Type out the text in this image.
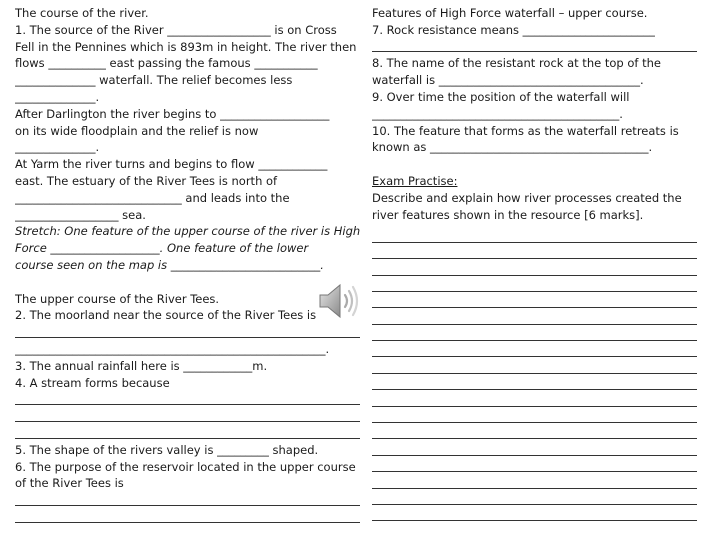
The course of the river.
1. The source of the River __________________ is on Cross
Fell in the Pennines which is 893m in height. The river then
flows __________ east passing the famous ___________
______________ waterfall. The relief becomes less
______________.
After Darlington the river begins to ___________________
on its wide floodplain and the relief is now
______________.
At Yarm the river turns and begins to flow ____________
east. The estuary of the River Tees is north of
_____________________________ and leads into the
__________________ sea.
Stretch: One feature of the upper course of the river is High
Force ___________________. One feature of the lower
course seen on the map is __________________________.
The upper course of the River Tees.
2. The moorland near the source of the River Tees is
______________________________________________________.
3. The annual rainfall here is ____________m.
4. A stream forms because
5. The shape of the rivers valley is _________ shaped.
6. The purpose of the reservoir located in the upper course
of the River Tees is
Features of High Force waterfall – upper course.
7. Rock resistance means _______________________
8. The name of the resistant rock at the top of the
waterfall is ___________________________________.
9. Over time the position of the waterfall will
___________________________________________.
10. The feature that forms as the waterfall retreats is
known as ______________________________________.
Exam Practise:
Describe and explain how river processes created the
river features shown in the resource [6 marks].
